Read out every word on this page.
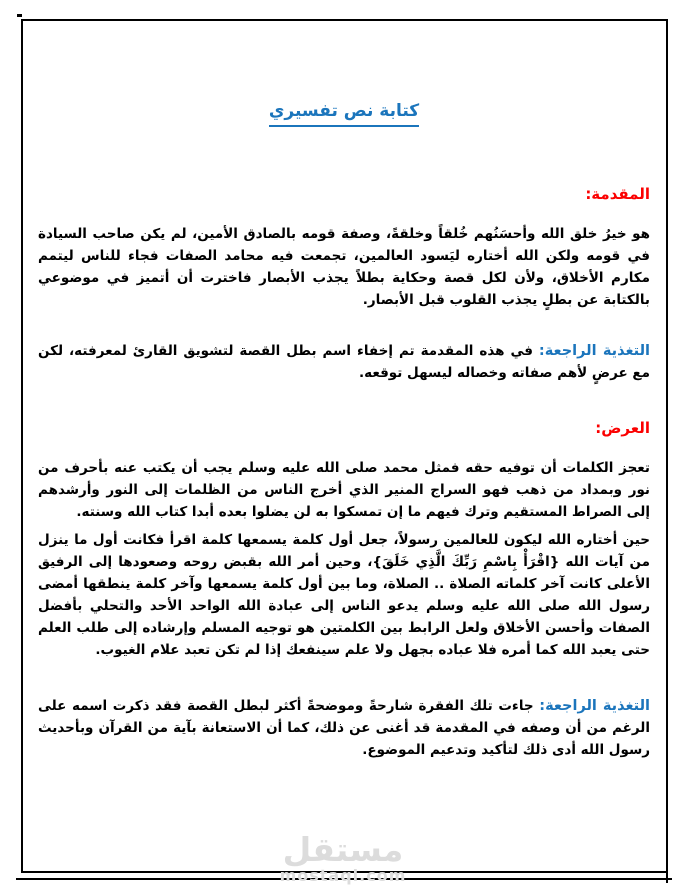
كتابة نص تفسيري
المقدمة:

هو خيرُ خلق الله وأحسَنُهم خُلقاً وخلقةً، وصفة قومه بالصادق الأمين، لم يكن صاحب السيادة في قومه ولكن الله أختاره ليَسود العالمين، تجمعت فيه محامد الصفات فجاء للناس ليتمم مكارم الأخلاق، ولأن لكل قصة وحكاية بطلاً يجذب الأبصار فاخترت أن أتميز في موضوعي بالكتابة عن بطلٍ يجذب القلوب قبل الأبصار.

التغذية الراجعة: في هذه المقدمة تم إخفاء اسم بطل القصة لتشويق القارئ لمعرفته، لكن مع عرضٍ لأهم صفاته وخصاله ليسهل توقعه.

العرض:

تعجز الكلمات أن توفيه حقه فمثل محمد صلى الله عليه وسلم يجب أن يكتب عنه بأحرف من نور وبمداد من ذهب فهو السراج المنير الذي أخرج الناس من الظلمات إلى النور وأرشدهم إلى الصراط المستقيم وترك فيهم ما إن تمسكوا به لن يضلوا بعده أبدا كتاب الله وسنته.

حين أختاره الله ليكون للعالمين رسولاً، جعل أول كلمة يسمعها كلمة اقرأ فكانت أول ما ينزل من آيات الله {اقْرَأْ بِاسْمِ رَبِّكَ الَّذِي خَلَقَ}، وحين أمر الله بقبض روحه وصعودها إلى الرفيق الأعلى كانت آخر كلماته الصلاة .. الصلاة، وما بين أول كلمة يسمعها وآخر كلمة ينطقها أمضى رسول الله صلى الله عليه وسلم يدعو الناس إلى عبادة الله الواحد الأحد والتحلي بأفضل الصفات وأحسن الأخلاق ولعل الرابط بين الكلمتين هو توجيه المسلم وإرشاده إلى طلب العلم حتى يعبد الله كما أمره فلا عباده بجهل ولا علم سينفعك إذا لم تكن تعبد علام الغيوب.

التغذية الراجعة: جاءت تلك الفقرة شارحةً وموضحةً أكثر لبطل القصة فقد ذكرت اسمه على الرغم من أن وصفه في المقدمة قد أغنى عن ذلك، كما أن الاستعانة بآية من القرآن وبأحديث رسول الله أدى ذلك لتأكيد وتدعيم الموضوع.

مستقل
mostaql.com
